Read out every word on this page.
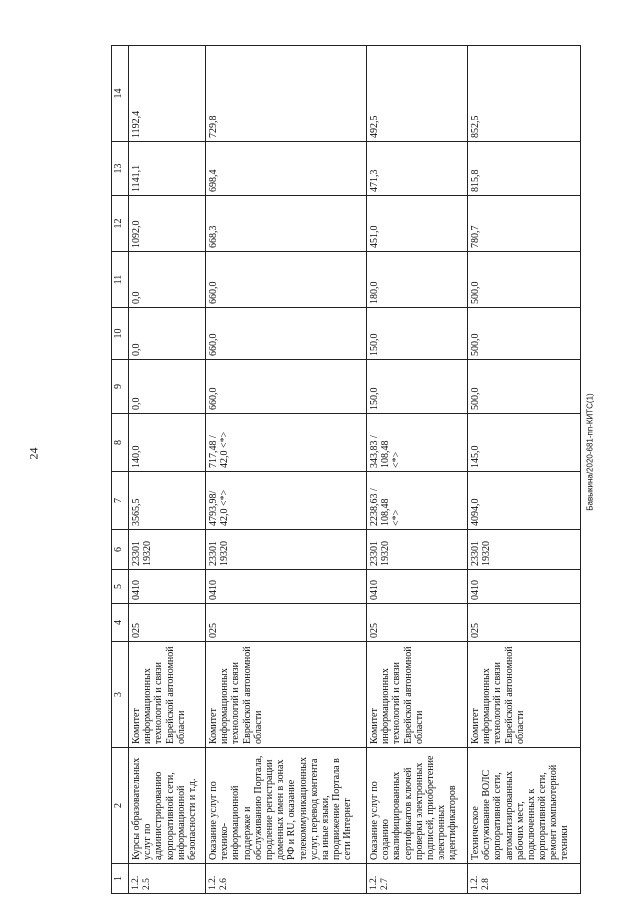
24	Бавыкина/2020-681-пп-КИТС(1)
1	2	3	4	5	6	7	8	9	10	11	12	13	14
1.2.
2.5	Курсы образовательных услуг по администрированию корпоративной сети, информационной безопасности и т.д.	Комитет информационных технологий и связи Еврейской автономной области	025	0410	23301 19320	3565,5	140,0	0,0	0,0	0,0	1092,0	1141,1	1192,4
1.2.
2.6	Оказание услуг по технико-информационной поддержке и обслуживанию Портала, продление регистрации доменных имен в зонах РФ и RU, оказание телекоммуникационных услуг, перевод контента на иные языки, продвижение Портала в сети Интернет	Комитет информационных технологий и связи Еврейской автономной области	025	0410	23301 19320	4793,98/
42,0 <*>	717,48 /
42,0 <*>	660,0	660,0	660,0	668,3	698,4	729,8
1.2.
2.7	Оказание услуг по созданию квалифицированных сертификатов ключей проверки электронных подписей, приобретение электронных идентификаторов	Комитет информационных технологий и связи Еврейской автономной области	025	0410	23301 19320	2238,63 /
108,48
<*>	343,83 /
108,48
<*>	150,0	150,0	180,0	451,0	471,3	492,5
1.2.
2.8	Техническое обслуживание ВОЛС корпоративной сети, автоматизированных рабочих мест, подключенных к корпоративной сети, ремонт компьютерной техники	Комитет информационных технологий и связи Еврейской автономной области	025	0410	23301 19320	4094,0	145,0	500,0	500,0	500,0	780,7	815,8	852,5
